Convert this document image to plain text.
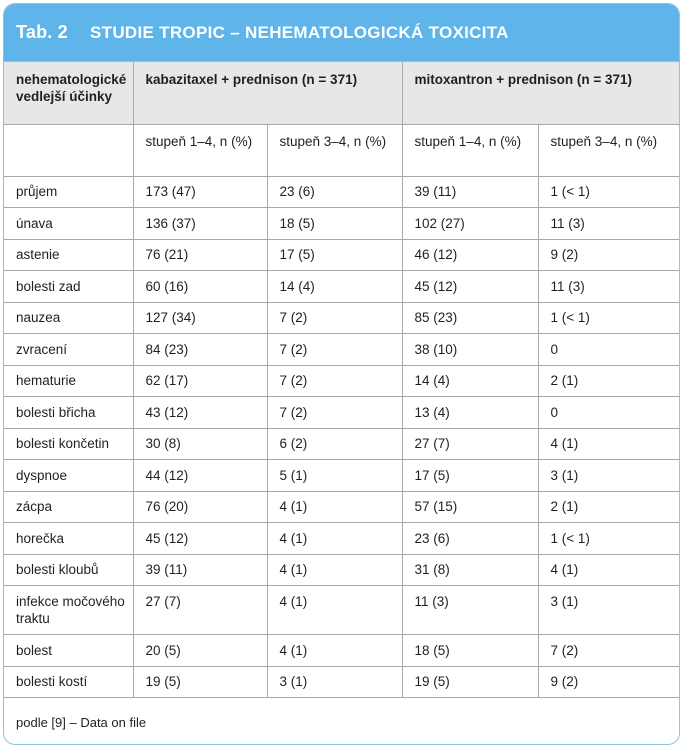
Tab. 2	STUDIE TROPIC – NEHEMATOLOGICKÁ TOXICITA
nehematologické vedlejší účinky	kabazitaxel + prednison (n = 371)		mitoxantron + prednison (n = 371)	
	stupeň 1–4, n (%)	stupeň 3–4, n (%)	stupeň 1–4, n (%)	stupeň 3–4, n (%)
průjem	173 (47)	23 (6)	39 (11)	1 (< 1)
únava	136 (37)	18 (5)	102 (27)	11 (3)
astenie	76 (21)	17 (5)	46 (12)	9 (2)
bolesti zad	60 (16)	14 (4)	45 (12)	11 (3)
nauzea	127 (34)	7 (2)	85 (23)	1 (< 1)
zvracení	84 (23)	7 (2)	38 (10)	0
hematurie	62 (17)	7 (2)	14 (4)	2 (1)
bolesti břicha	43 (12)	7 (2)	13 (4)	0
bolesti končetin	30 (8)	6 (2)	27 (7)	4 (1)
dyspnoe	44 (12)	5 (1)	17 (5)	3 (1)
zácpa	76 (20)	4 (1)	57 (15)	2 (1)
horečka	45 (12)	4 (1)	23 (6)	1 (< 1)
bolesti kloubů	39 (11)	4 (1)	31 (8)	4 (1)
infekce močového traktu	27 (7)	4 (1)	11 (3)	3 (1)
bolest	20 (5)	4 (1)	18 (5)	7 (2)
bolesti kostí	19 (5)	3 (1)	19 (5)	9 (2)
podle [9] – Data on file				
